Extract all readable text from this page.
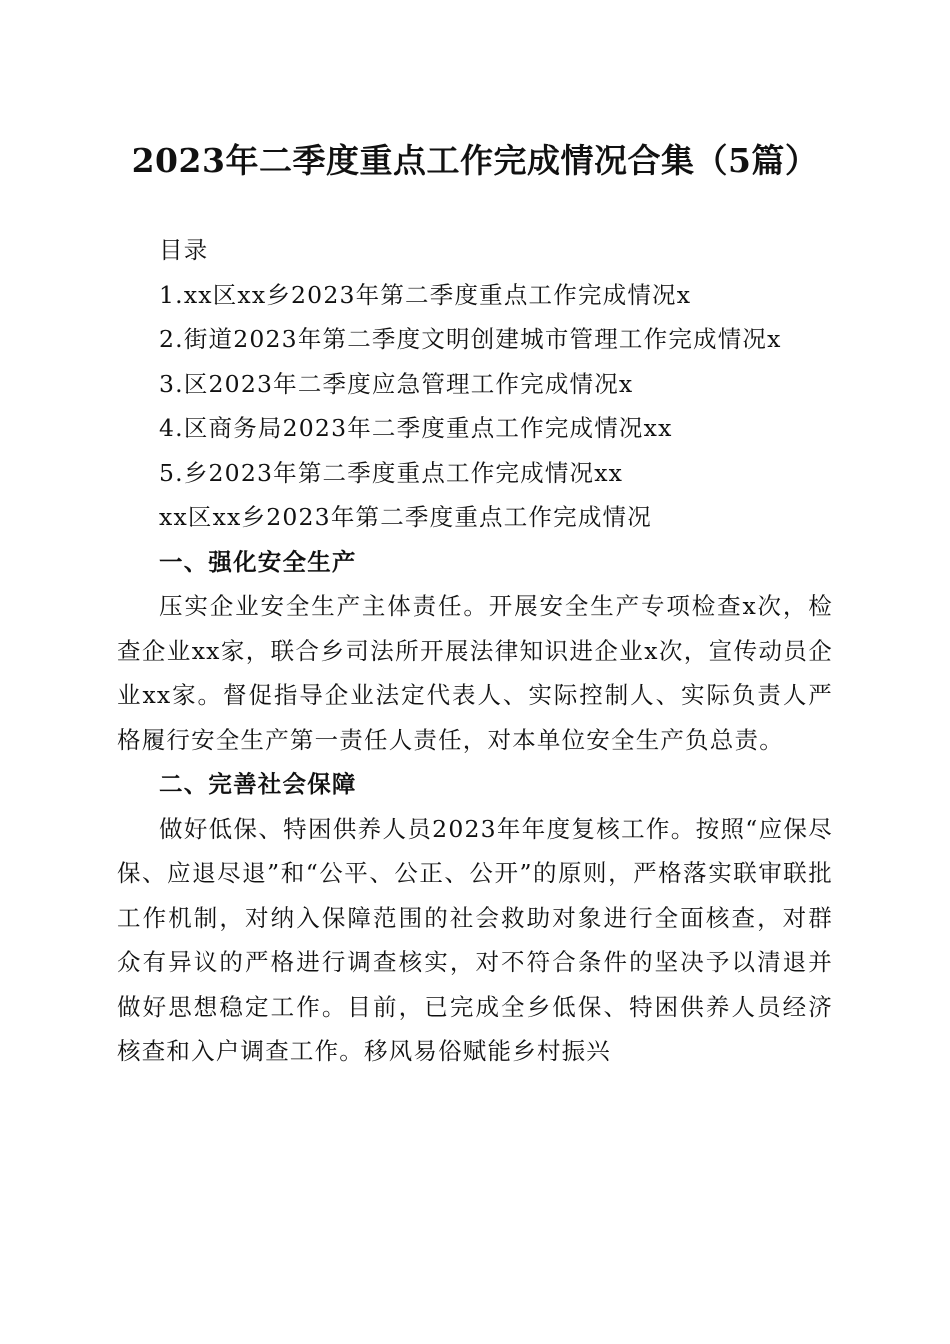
2023年二季度重点工作完成情况合集（5篇）
目录
1.xx区xx乡2023年第二季度重点工作完成情况x
2.街道2023年第二季度文明创建城市管理工作完成情况x
3.区2023年二季度应急管理工作完成情况x
4.区商务局2023年二季度重点工作完成情况xx
5.乡2023年第二季度重点工作完成情况xx
xx区xx乡2023年第二季度重点工作完成情况
一、强化安全生产

压实企业安全生产主体责任。开展安全生产专项检查x次，检查企业xx家，联合乡司法所开展法律知识进企业x次，宣传动员企业xx家。督促指导企业法定代表人、实际控制人、实际负责人严格履行安全生产第一责任人责任，对本单位安全生产负总责。

二、完善社会保障

做好低保、特困供养人员2023年年度复核工作。按照“应保尽保、应退尽退”和“公平、公正、公开”的原则，严格落实联审联批工作机制，对纳入保障范围的社会救助对象进行全面核查，对群众有异议的严格进行调查核实，对不符合条件的坚决予以清退并做好思想稳定工作。目前，已完成全乡低保、特困供养人员经济核查和入户调查工作。移风易俗赋能乡村振兴
